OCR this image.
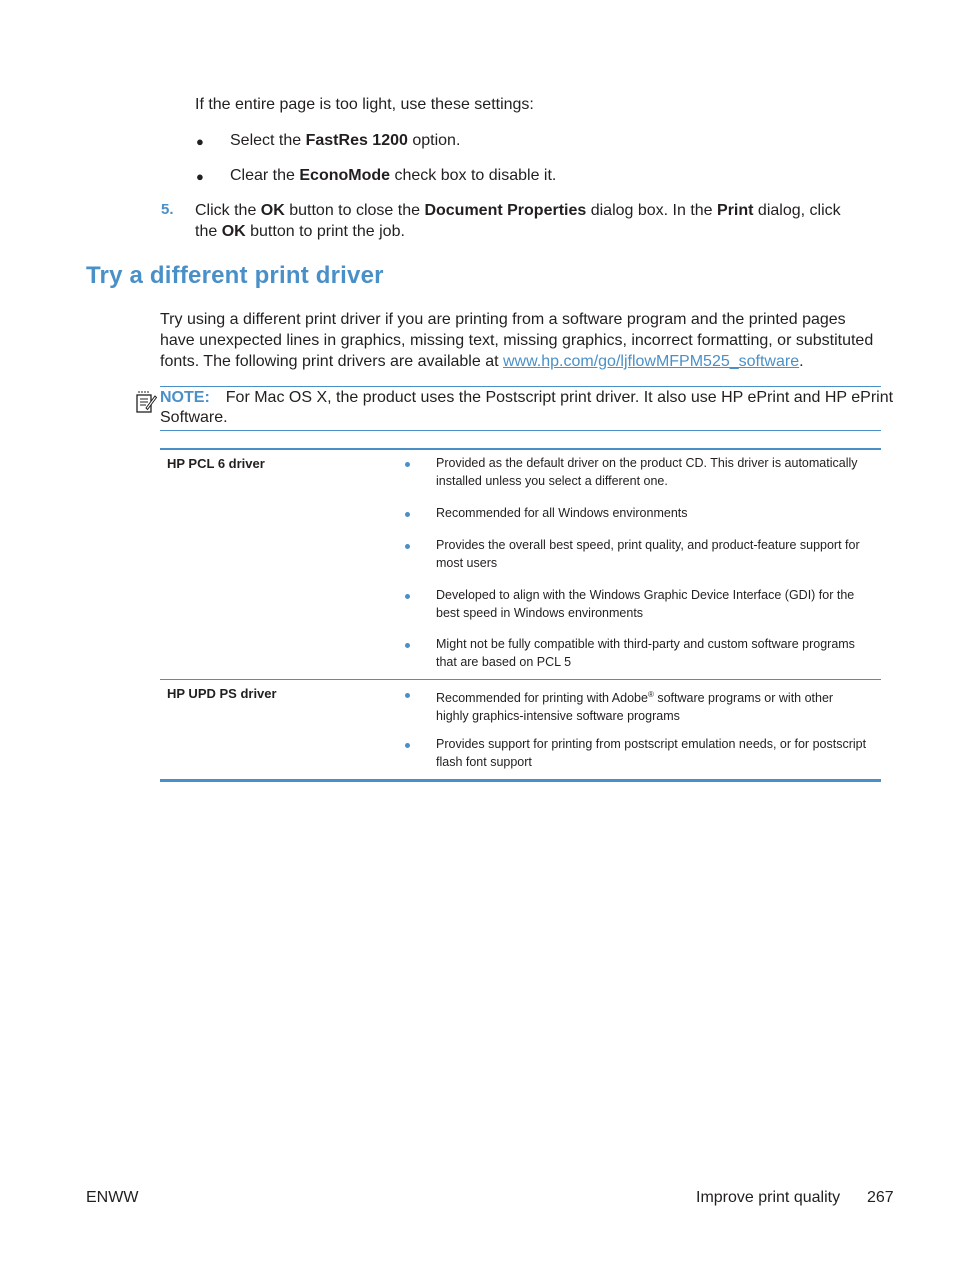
If the entire page is too light, use these settings:
● Select the FastRes 1200 option.
● Clear the EconoMode check box to disable it.
5. Click the OK button to close the Document Properties dialog box. In the Print dialog, click
the OK button to print the job.
Try a different print driver
Try using a different print driver if you are printing from a software program and the printed pages
have unexpected lines in graphics, missing text, missing graphics, incorrect formatting, or substituted
fonts. The following print drivers are available at www.hp.com/go/ljflowMFPM525_software.
NOTE: For Mac OS X, the product uses the Postscript print driver. It also use HP ePrint and HP ePrint
Software.
HP PCL 6 driver	Provided as the default driver on the product CD. This driver is automatically
installed unless you select a different one.
Recommended for all Windows environments
Provides the overall best speed, print quality, and product-feature support for
most users
Developed to align with the Windows Graphic Device Interface (GDI) for the
best speed in Windows environments
Might not be fully compatible with third-party and custom software programs
that are based on PCL 5
HP UPD PS driver	Recommended for printing with Adobe® software programs or with other
highly graphics-intensive software programs
Provides support for printing from postscript emulation needs, or for postscript
flash font support
ENWW	Improve print quality 267
